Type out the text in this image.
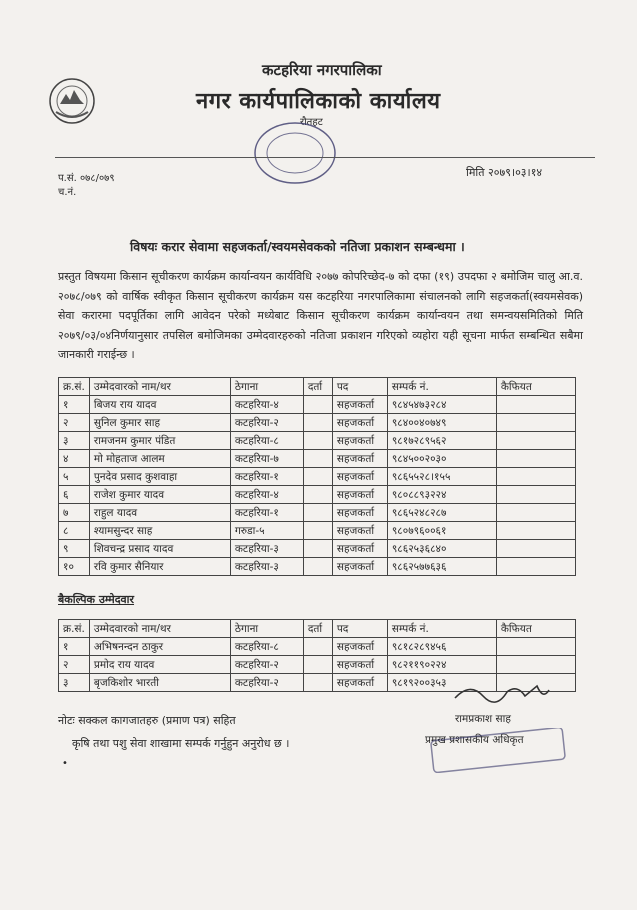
कटहरिया नगरपालिका
नगर कार्यपालिकाको कार्यालय
रौतहट
प.सं. ०७८/०७९
च.नं.
मिति २०७९।०३।१४
विषयः करार सेवामा सहजकर्ता/स्वयमसेवकको नतिजा प्रकाशन सम्बन्धमा ।
प्रस्तुत विषयमा किसान सूचीकरण कार्यक्रम कार्यान्वयन कार्यविधि २०७७ कोपरिच्छेद-७ को दफा (१९) उपदफा २ बमोजिम चालु आ.व. २०७८/०७९ को वार्षिक स्वीकृत किसान सूचीकरण कार्यक्रम यस कटहरिया नगरपालिकामा संचालनको लागि सहजकर्ता(स्वयमसेवक) सेवा करारमा पदपूर्तिका लागि आवेदन परेको मध्येबाट किसान सूचीकरण कार्यक्रम कार्यान्वयन तथा समन्वयसमितिको मिति २०७९/०३/०४निर्णयानुसार तपसिल बमोजिमका उम्मेदवारहरुको नतिजा प्रकाशन गरिएको व्यहोरा यही सूचना मार्फत सम्बन्धित सबैमा जानकारी गराईन्छ ।
क्र.सं.	उम्मेदवारको नाम/थर	ठेगाना	दर्ता	पद	सम्पर्क नं.	कैफियत
१	बिजय राय यादव	कटहरिया-४		सहजकर्ता	९८४५४७३२८४	
२	सुनिल कुमार साह	कटहरिया-२		सहजकर्ता	९८४००४०७४९	
३	रामजनम कुमार पंडित	कटहरिया-८		सहजकर्ता	९८१७२८९५६२	
४	मो मोहताज आलम	कटहरिया-७		सहजकर्ता	९८४५००२०३०	
५	पुनदेव प्रसाद कुशवाहा	कटहरिया-१		सहजकर्ता	९८६५५२८।१५५	
६	राजेश कुमार यादव	कटहरिया-४		सहजकर्ता	९८०८८९३२२४	
७	राहुल यादव	कटहरिया-१		सहजकर्ता	९८६५२४८२८७	
८	श्यामसुन्दर साह	गरुडा-५		सहजकर्ता	९८०७९६००६१	
९	शिवचन्द्र प्रसाद यादव	कटहरिया-३		सहजकर्ता	९८६२५३६८४०	
१०	रवि कुमार सैनियार	कटहरिया-३		सहजकर्ता	९८६२५७७६३६	
बैकल्पिक उम्मेदवार
क्र.सं.	उम्मेदवारको नाम/थर	ठेगाना	दर्ता	पद	सम्पर्क नं.	कैफियत
१	अभिषनन्दन ठाकुर	कटहरिया-८		सहजकर्ता	९८१८२८९४५६	
२	प्रमोद राय यादव	कटहरिया-२		सहजकर्ता	९८२११९०२२४	
३	बृजकिशोर भारती	कटहरिया-२		सहजकर्ता	९८१९२००३५३	
नोटः सक्कल कागजातहरु (प्रमाण पत्र) सहित
कृषि तथा पशु सेवा शाखामा सम्पर्क गर्नुहुन अनुरोध छ ।
रामप्रकाश साह
प्रमुख प्रशासकीय अधिकृत
•
